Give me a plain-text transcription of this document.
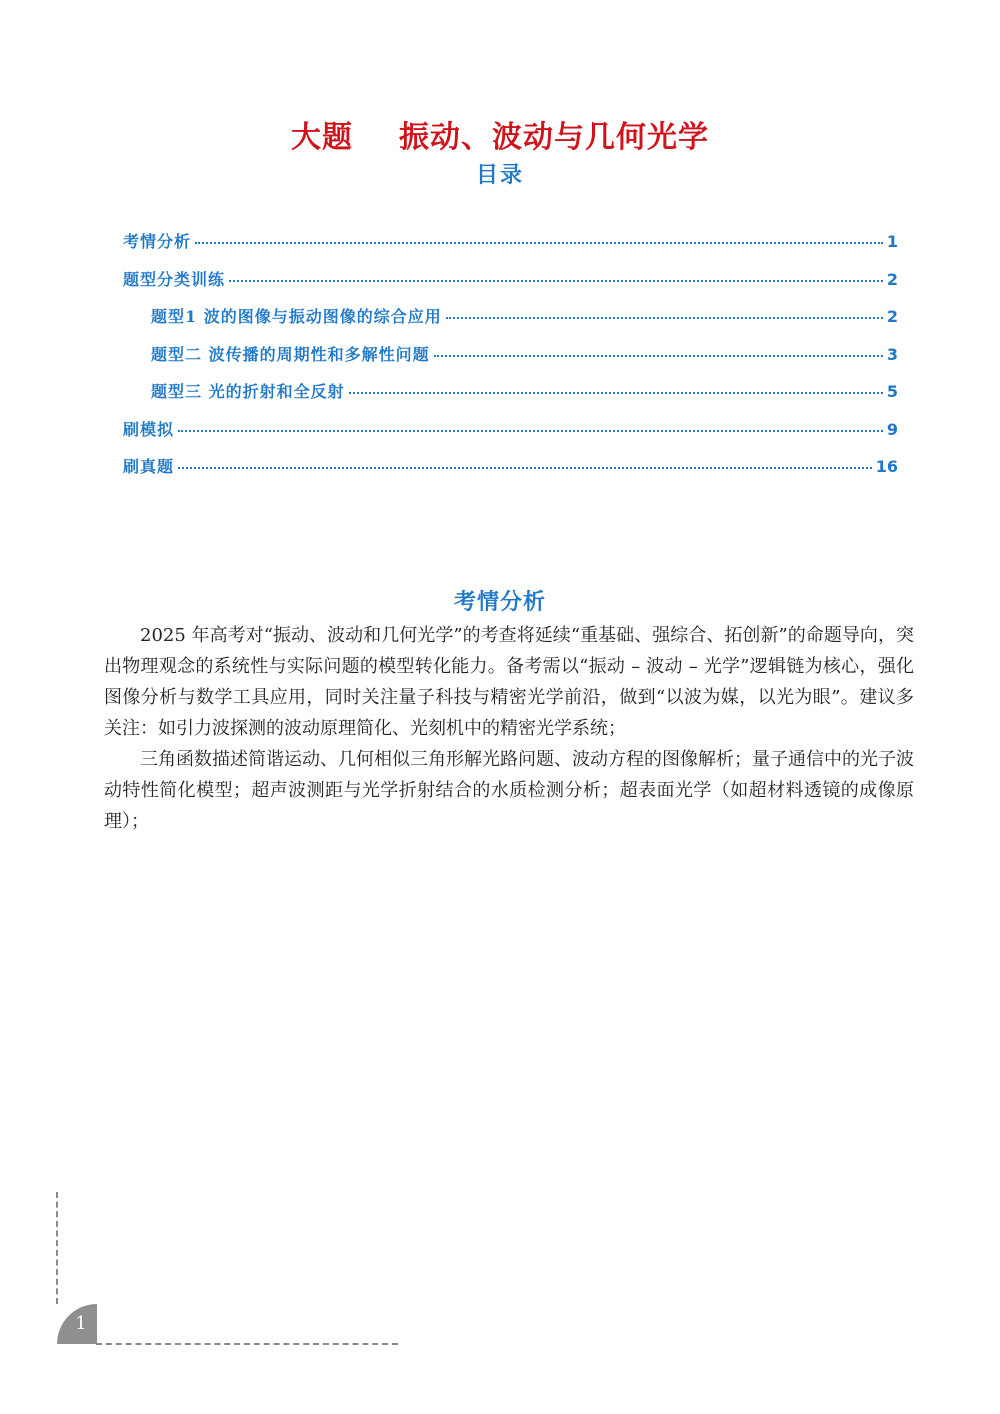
大题 振动、波动与几何光学
目录
考情分析	1
题型分类训练	2
题型1 波的图像与振动图像的综合应用	2
题型二 波传播的周期性和多解性问题	3
题型三 光的折射和全反射	5
刷模拟	9
刷真题	16
考情分析

2025 年高考对“振动、波动和几何光学”的考查将延续“重基础、强综合、拓创新”的命题导向，突出物理观念的系统性与实际问题的模型转化能力。备考需以“振动 – 波动 – 光学”逻辑链为核心，强化图像分析与数学工具应用，同时关注量子科技与精密光学前沿，做到“以波为媒，以光为眼”。建议多关注：如引力波探测的波动原理简化、光刻机中的精密光学系统；

三角函数描述简谐运动、几何相似三角形解光路问题、波动方程的图像解析；量子通信中的光子波动特性简化模型；超声波测距与光学折射结合的水质检测分析；超表面光学（如超材料透镜的成像原理）；

1
